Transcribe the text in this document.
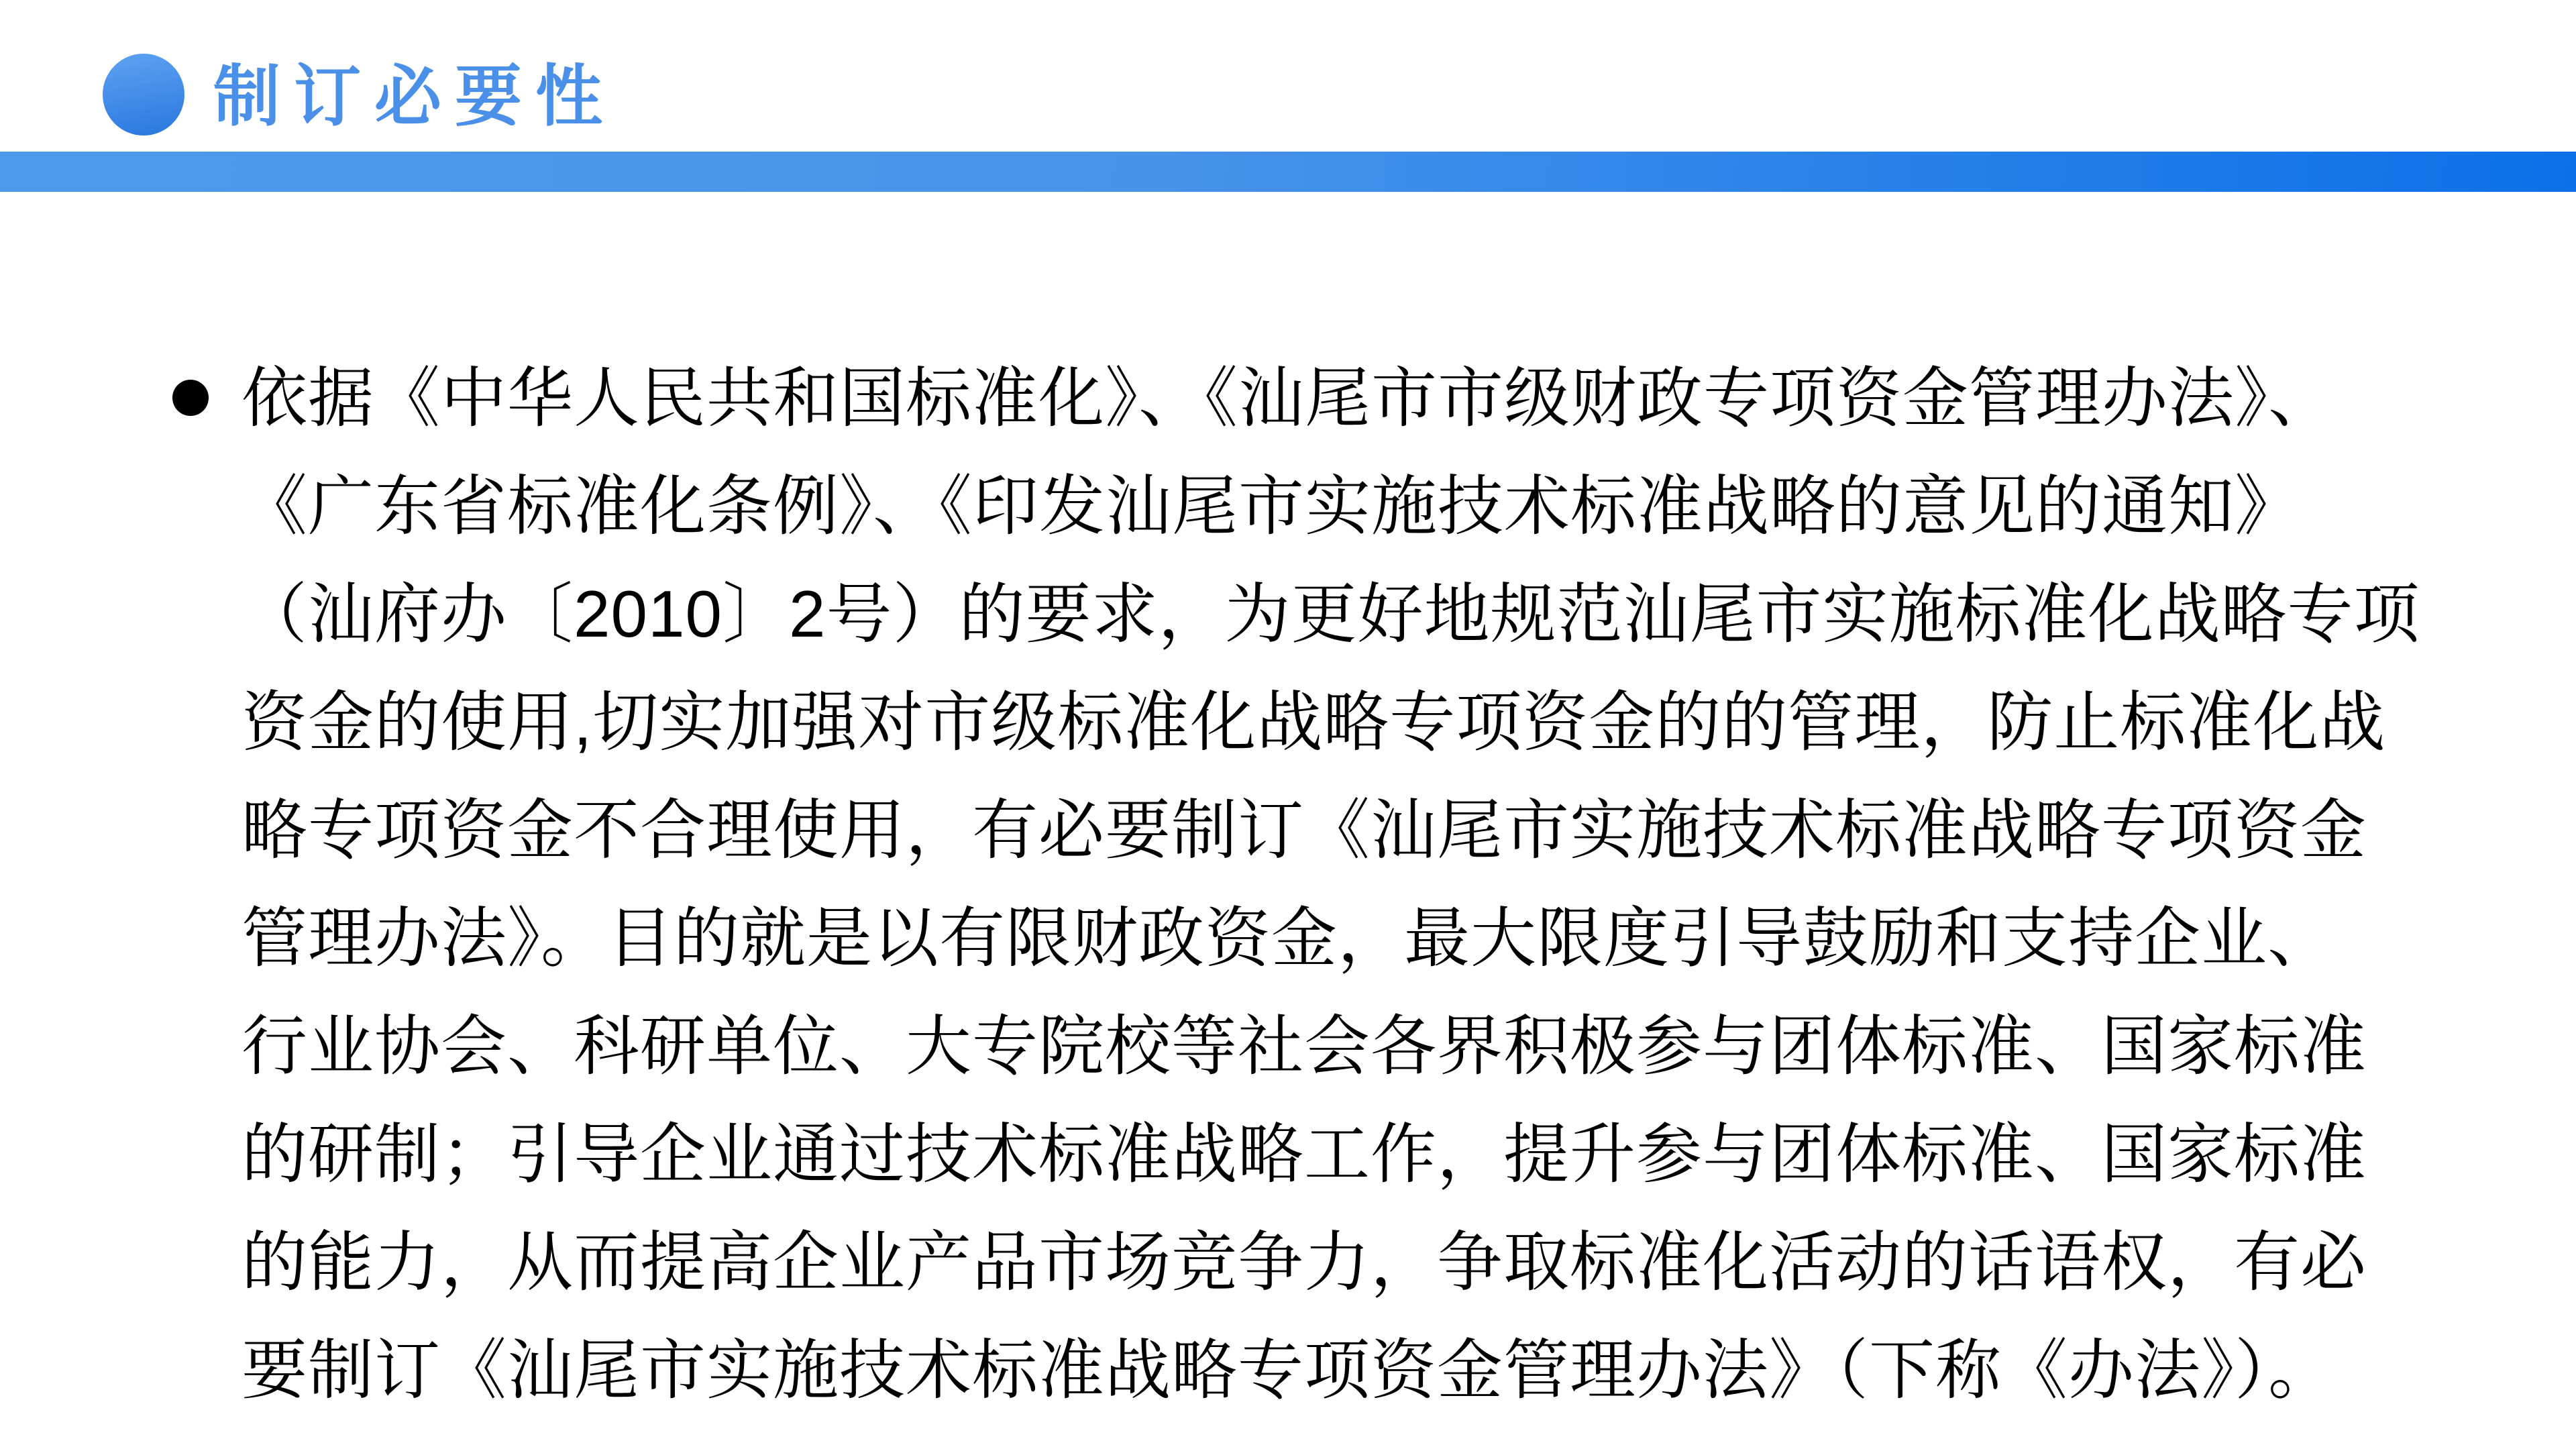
制订必要性
依据《中华人民共和国标准化》、《汕尾市市级财政专项资金管理办法》、
《广东省标准化条例》、《印发汕尾市实施技术标准战略的意见的通知》
（汕府办〔2010〕2号）的要求，为更好地规范汕尾市实施标准化战略专项
资金的使用,切实加强对市级标准化战略专项资金的的管理，防止标准化战
略专项资金不合理使用，有必要制订《汕尾市实施技术标准战略专项资金
管理办法》。目的就是以有限财政资金，最大限度引导鼓励和支持企业、
行业协会、科研单位、大专院校等社会各界积极参与团体标准、国家标准
的研制；引导企业通过技术标准战略工作，提升参与团体标准、国家标准
的能力，从而提高企业产品市场竞争力，争取标准化活动的话语权，有必
要制订《汕尾市实施技术标准战略专项资金管理办法》（下称《办法》）。
